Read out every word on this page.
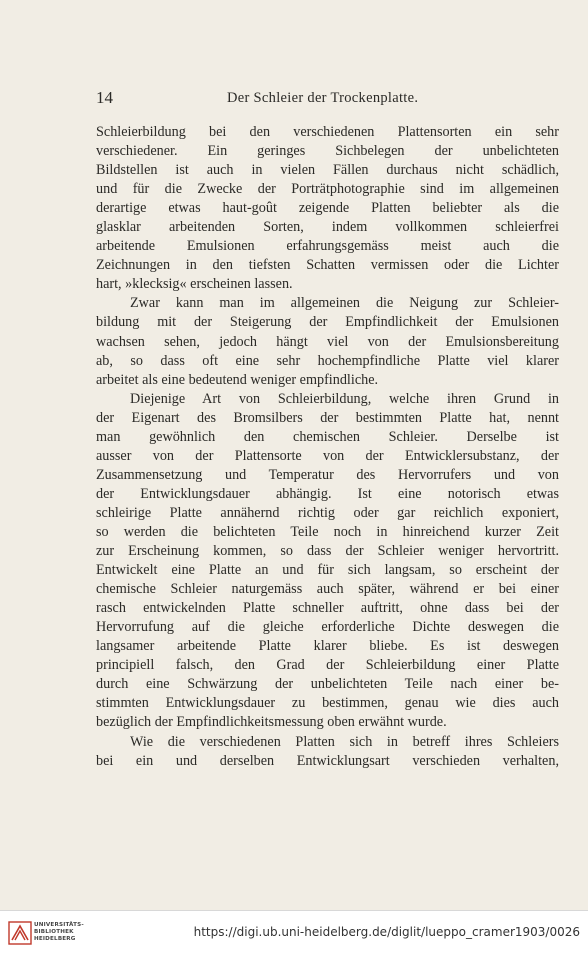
14	Der Schleier der Trockenplatte.
Schleierbildung bei den verschiedenen Plattensorten ein sehr
verschiedener. Ein geringes Sichbelegen der unbelichteten
Bildstellen ist auch in vielen Fällen durchaus nicht schädlich,
und für die Zwecke der Porträtphotographie sind im allgemeinen
derartige etwas haut-goût zeigende Platten beliebter als die
glasklar arbeitenden Sorten, indem vollkommen schleierfrei
arbeitende Emulsionen erfahrungsgemäss meist auch die
Zeichnungen in den tiefsten Schatten vermissen oder die Lichter
hart, »klecksig« erscheinen lassen.
Zwar kann man im allgemeinen die Neigung zur Schleier-
bildung mit der Steigerung der Empfindlichkeit der Emulsionen
wachsen sehen, jedoch hängt viel von der Emulsionsbereitung
ab, so dass oft eine sehr hochempfindliche Platte viel klarer
arbeitet als eine bedeutend weniger empfindliche.
Diejenige Art von Schleierbildung, welche ihren Grund in
der Eigenart des Bromsilbers der bestimmten Platte hat, nennt
man gewöhnlich den chemischen Schleier. Derselbe ist
ausser von der Plattensorte von der Entwicklersubstanz, der
Zusammensetzung und Temperatur des Hervorrufers und von
der Entwicklungsdauer abhängig. Ist eine notorisch etwas
schleirige Platte annähernd richtig oder gar reichlich exponiert,
so werden die belichteten Teile noch in hinreichend kurzer Zeit
zur Erscheinung kommen, so dass der Schleier weniger hervortritt.
Entwickelt eine Platte an und für sich langsam, so erscheint der
chemische Schleier naturgemäss auch später, während er bei einer
rasch entwickelnden Platte schneller auftritt, ohne dass bei der
Hervorrufung auf die gleiche erforderliche Dichte deswegen die
langsamer arbeitende Platte klarer bliebe. Es ist deswegen
principiell falsch, den Grad der Schleierbildung einer Platte
durch eine Schwärzung der unbelichteten Teile nach einer be-
stimmten Entwicklungsdauer zu bestimmen, genau wie dies auch
bezüglich der Empfindlichkeitsmessung oben erwähnt wurde.
Wie die verschiedenen Platten sich in betreff ihres Schleiers
bei ein und derselben Entwicklungsart verschieden verhalten,
UNIVERSITÄTS-
BIBLIOTHEK
HEIDELBERG	https://digi.ub.uni-heidelberg.de/diglit/lueppo_cramer1903/0026
